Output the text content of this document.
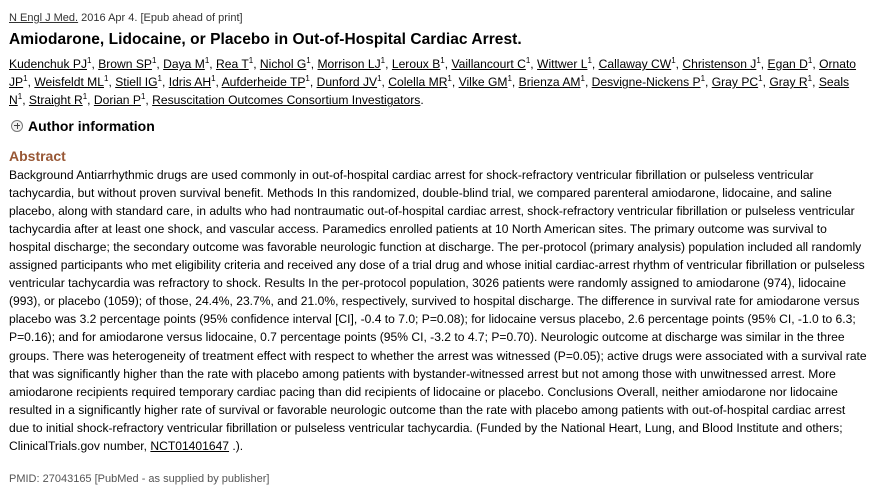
N Engl J Med. 2016 Apr 4. [Epub ahead of print]
Amiodarone, Lidocaine, or Placebo in Out-of-Hospital Cardiac Arrest.
Kudenchuk $PJ^1$, Brown $SP^1$, Daya $M^1$, Rea $T^1$, Nichol $G^1$, Morrison $LJ^1$, Leroux $B^1$, Vaillancourt $C^1$, Wittwer $L^1$, Callaway $CW^1$, Christenson $J^1$, Egan $D^1$, Ornato $JP^1$, Weisfeldt $ML^1$, Stiell $IG^1$, Idris $AH^1$, Aufderheide $TP^1$, Dunford $JV^1$, Colella $MR^1$, Vilke $GM^1$, Brienza $AM^1$, Desvigne-Nickens $P^1$, Gray $PC^1$, Gray $R^1$, Seals $N^1$, Straight $R^1$, Dorian $P^1$, Resuscitation Outcomes Consortium Investigators.
Author information
Abstract
Background Antiarrhythmic drugs are used commonly in out-of-hospital cardiac arrest for shock-refractory ventricular fibrillation or pulseless ventricular tachycardia, but without proven survival benefit. Methods In this randomized, double-blind trial, we compared parenteral amiodarone, lidocaine, and saline placebo, along with standard care, in adults who had nontraumatic out-of-hospital cardiac arrest, shock-refractory ventricular fibrillation or pulseless ventricular tachycardia after at least one shock, and vascular access. Paramedics enrolled patients at 10 North American sites. The primary outcome was survival to hospital discharge; the secondary outcome was favorable neurologic function at discharge. The per-protocol (primary analysis) population included all randomly assigned participants who met eligibility criteria and received any dose of a trial drug and whose initial cardiac-arrest rhythm of ventricular fibrillation or pulseless ventricular tachycardia was refractory to shock. Results In the per-protocol population, 3026 patients were randomly assigned to amiodarone (974), lidocaine (993), or placebo (1059); of those, 24.4%, 23.7%, and 21.0%, respectively, survived to hospital discharge. The difference in survival rate for amiodarone versus placebo was 3.2 percentage points (95% confidence interval [CI], -0.4 to 7.0; P=0.08); for lidocaine versus placebo, 2.6 percentage points (95% CI, -1.0 to 6.3; P=0.16); and for amiodarone versus lidocaine, 0.7 percentage points (95% CI, -3.2 to 4.7; P=0.70). Neurologic outcome at discharge was similar in the three groups. There was heterogeneity of treatment effect with respect to whether the arrest was witnessed (P=0.05); active drugs were associated with a survival rate that was significantly higher than the rate with placebo among patients with bystander-witnessed arrest but not among those with unwitnessed arrest. More amiodarone recipients required temporary cardiac pacing than did recipients of lidocaine or placebo. Conclusions Overall, neither amiodarone nor lidocaine resulted in a significantly higher rate of survival or favorable neurologic outcome than the rate with placebo among patients with out-of-hospital cardiac arrest due to initial shock-refractory ventricular fibrillation or pulseless ventricular tachycardia. (Funded by the National Heart, Lung, and Blood Institute and others; ClinicalTrials.gov number, NCT01401647 .).
PMID: 27043165 [PubMed - as supplied by publisher]
